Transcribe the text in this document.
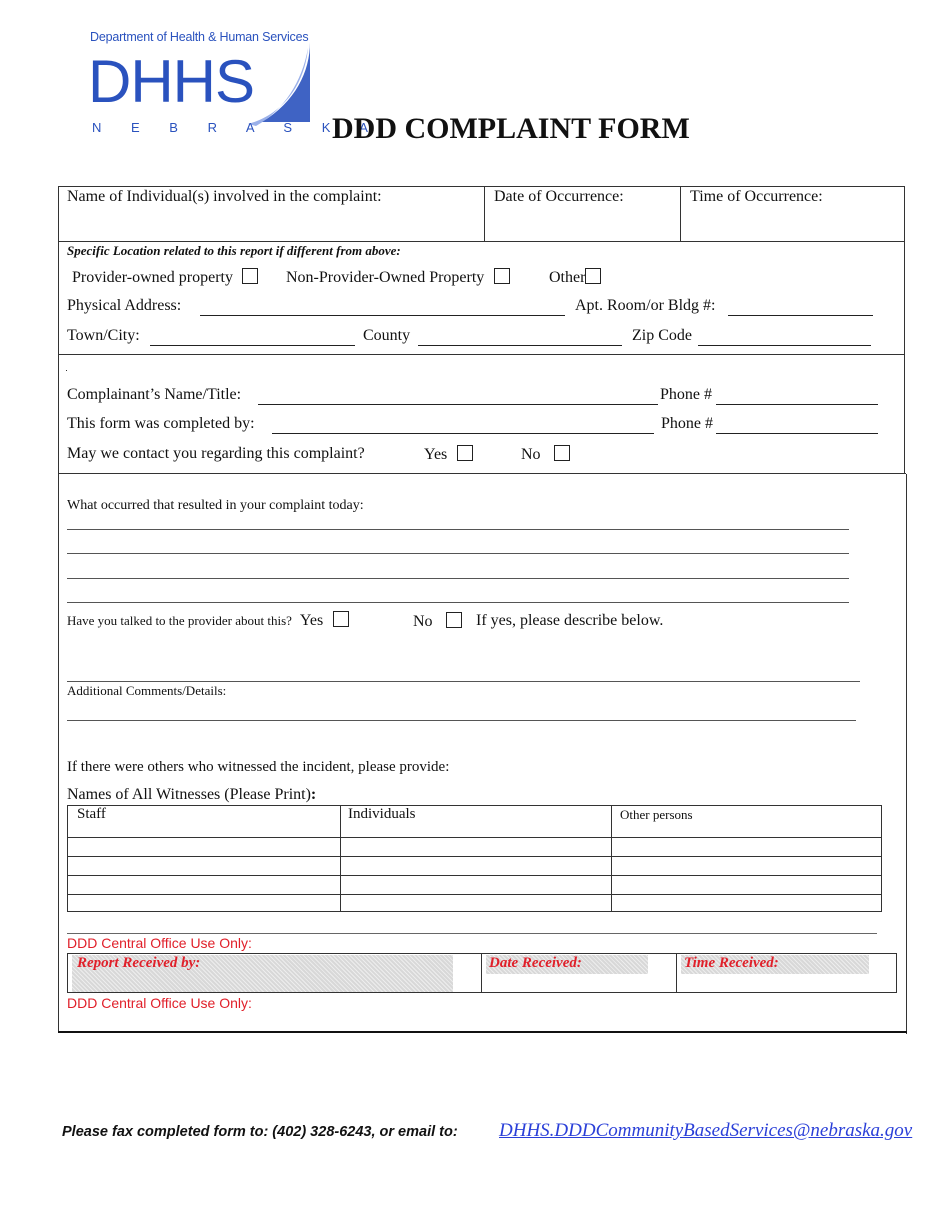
Department of Health & Human Services
DHHS
N E B R A S K A
DDD COMPLAINT FORM
Name of Individual(s) involved in the complaint:	Date of Occurrence:	Time of Occurrence:
Specific Location related to this report if different from above:
Provider-owned property	Non-Provider-Owned Property	Other
Physical Address:	Apt. Room/or Bldg #:
Town/City:	County	Zip Code
Complainant’s Name/Title:	Phone #
This form was completed by:	Phone #
May we contact you regarding this complaint?	Yes	No
What occurred that resulted in your complaint today:
Have you talked to the provider about this? Yes	No	If yes, please describe below.
Additional Comments/Details:
If there were others who witnessed the incident, please provide:
Names of All Witnesses (Please Print):
Staff	Individuals	Other persons
DDD Central Office Use Only:
Report Received by:	Date Received:	Time Received:
DDD Central Office Use Only:
Please fax completed form to: (402) 328-6243, or email to: DHHS.DDDCommunityBasedServices@nebraska.gov
